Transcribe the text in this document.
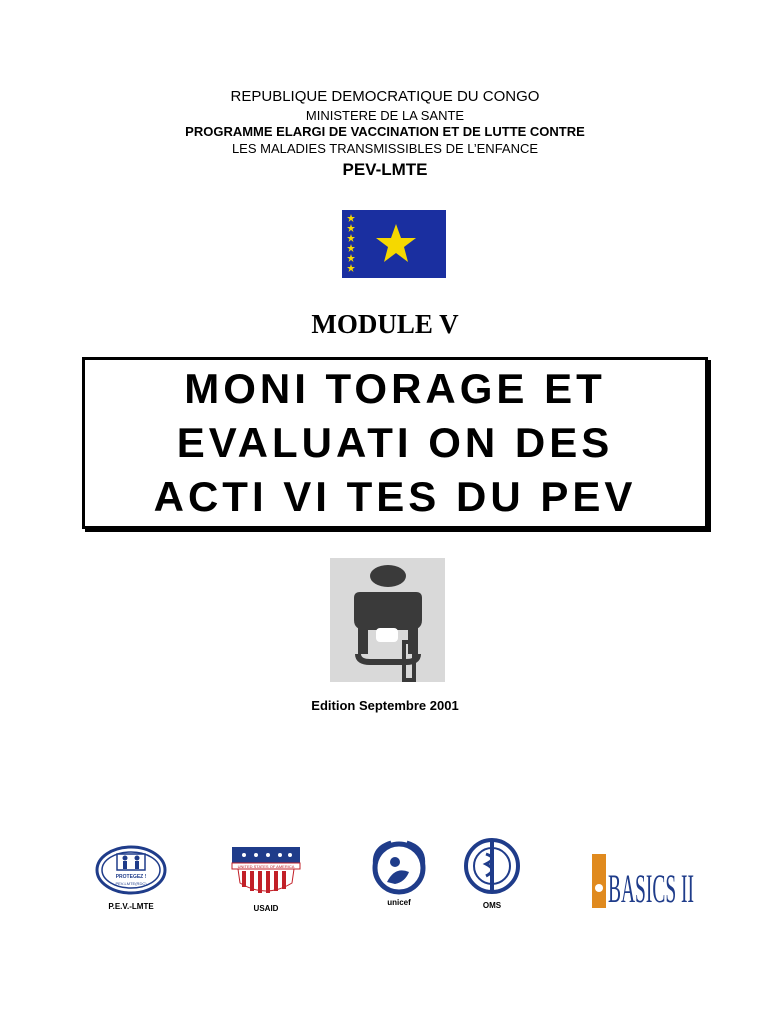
REPUBLIQUE DEMOCRATIQUE DU CONGO
MINISTERE DE LA SANTE
PROGRAMME ELARGI DE VACCINATION ET DE LUTTE CONTRE
LES MALADIES TRANSMISSIBLES DE L’ENFANCE
PEV-LMTE
MODULE V
MONI TORAGE ET
EVALUATI ON DES
ACTI VI TES DU PEV
Edition Septembre 2001
PROTEGEZ !
PEV-LMTE(RDC)
P.E.V.-LMTE
UNITED STATES OF AMERICA
USAID
unicef	OMS	BASICS II
